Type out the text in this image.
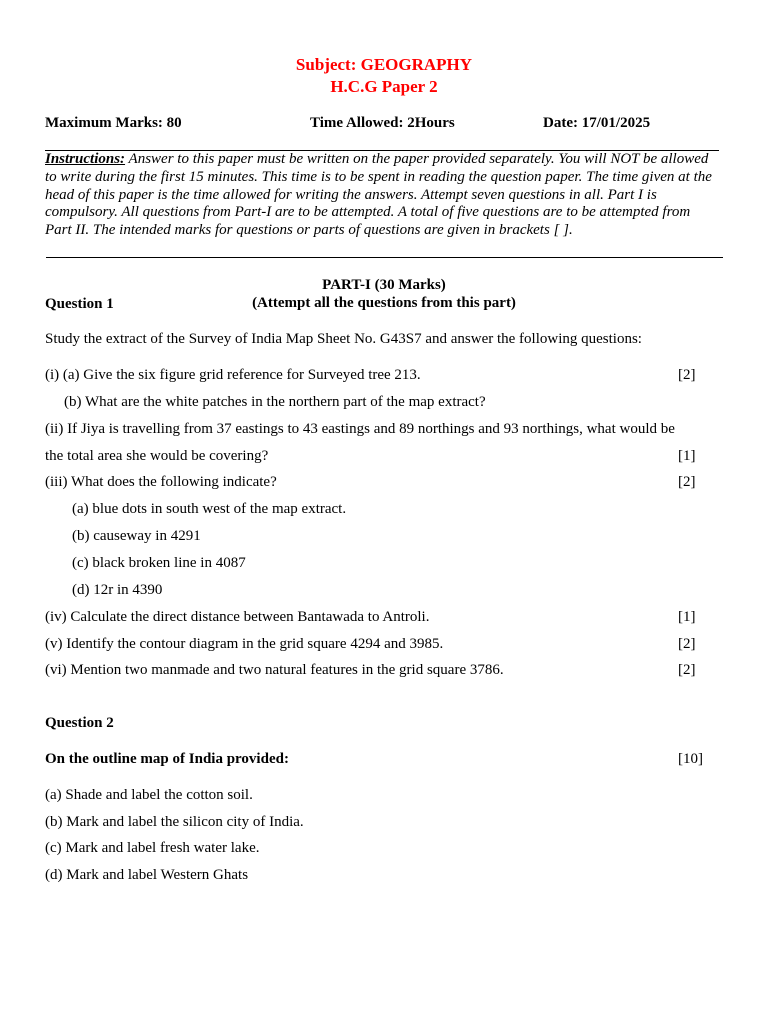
Subject: GEOGRAPHY
H.C.G Paper 2
Maximum Marks: 80	Time Allowed: 2Hours	Date: 17/01/2025
Instructions: Answer to this paper must be written on the paper provided separately. You will NOT be allowed to write during the first 15 minutes. This time is to be spent in reading the question paper. The time given at the head of this paper is the time allowed for writing the answers. Attempt seven questions in all. Part I is compulsory. All questions from Part-I are to be attempted. A total of five questions are to be attempted from Part II. The intended marks for questions or parts of questions are given in brackets [ ].
PART-I (30 Marks)
(Attempt all the questions from this part)
Question 1
Study the extract of the Survey of India Map Sheet No. G43S7 and answer the following questions:
(i) (a) Give the six figure grid reference for Surveyed tree 213.	[2]
(b) What are the white patches in the northern part of the map extract?
(ii) If Jiya is travelling from 37 eastings to 43 eastings and 89 northings and 93 northings, what would be
the total area she would be covering?	[1]
(iii) What does the following indicate?	[2]
(a) blue dots in south west of the map extract.
(b) causeway in 4291
(c) black broken line in 4087
(d) 12r in 4390
(iv) Calculate the direct distance between Bantawada to Antroli.	[1]
(v) Identify the contour diagram in the grid square 4294 and 3985.	[2]
(vi) Mention two manmade and two natural features in the grid square 3786.	[2]
Question 2
On the outline map of India provided:	[10]
(a) Shade and label the cotton soil.
(b) Mark and label the silicon city of India.
(c) Mark and label fresh water lake.
(d) Mark and label Western Ghats
